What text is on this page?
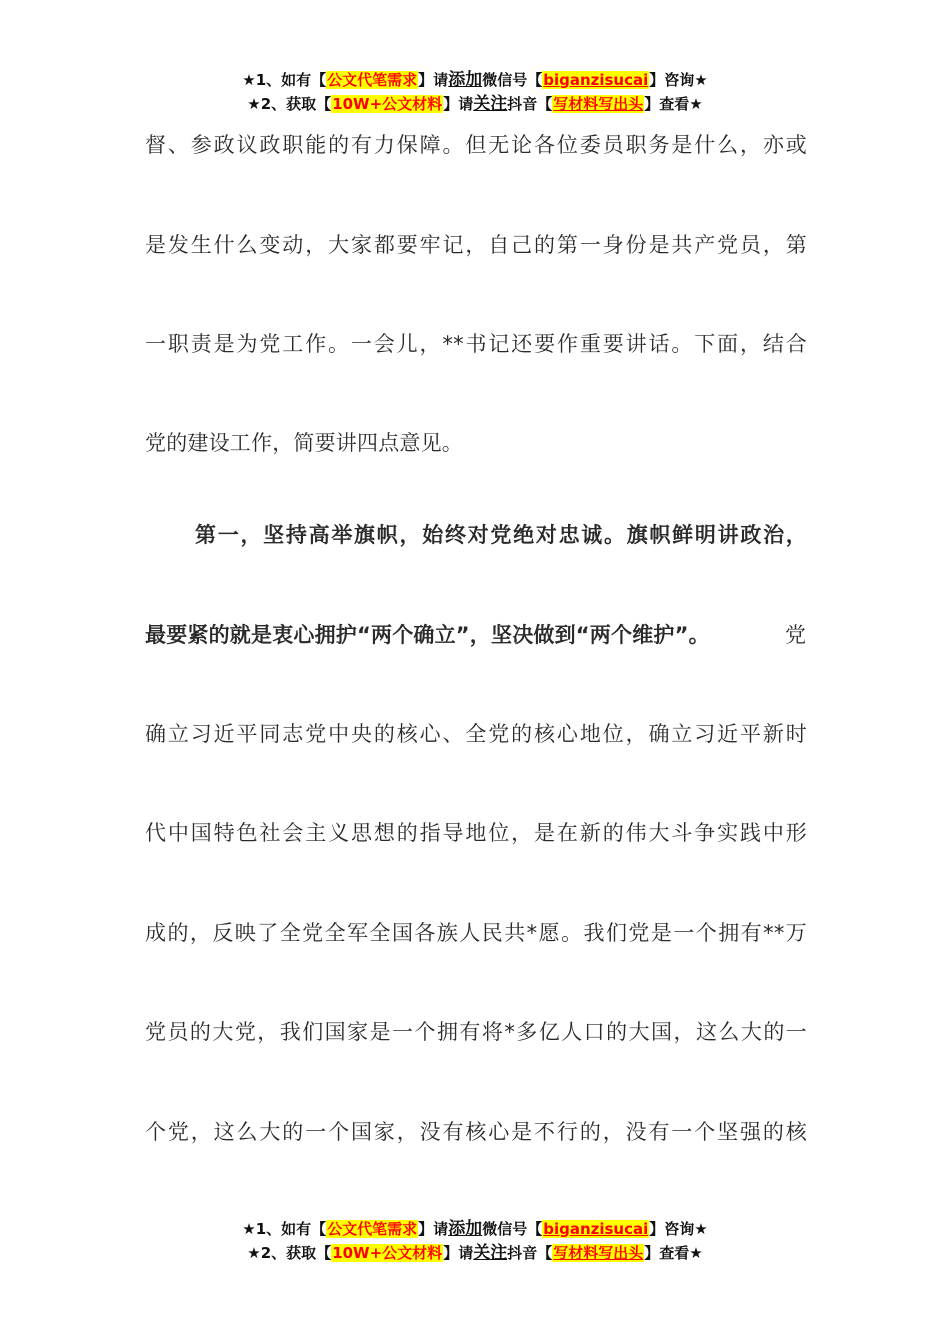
★1、如有【公文代笔需求】请添加微信号【biganzisucai】咨询★
★2、获取【10W+公文材料】请关注抖音【写材料写出头】查看★
督、参政议政职能的有力保障。但无论各位委员职务是什么，亦或
是发生什么变动，大家都要牢记，自己的第一身份是共产党员，第
一职责是为党工作。一会儿，**书记还要作重要讲话。下面，结合
党的建设工作，简要讲四点意见。
第一，坚持高举旗帜，始终对党绝对忠诚。旗帜鲜明讲政治，
最要紧的就是衷心拥护“两个确立”，坚决做到“两个维护”。	党
确立习近平同志党中央的核心、全党的核心地位，确立习近平新时
代中国特色社会主义思想的指导地位，是在新的伟大斗争实践中形
成的，反映了全党全军全国各族人民共*愿。我们党是一个拥有**万
党员的大党，我们国家是一个拥有将*多亿人口的大国，这么大的一
个党，这么大的一个国家，没有核心是不行的，没有一个坚强的核
★1、如有【公文代笔需求】请添加微信号【biganzisucai】咨询★
★2、获取【10W+公文材料】请关注抖音【写材料写出头】查看★
